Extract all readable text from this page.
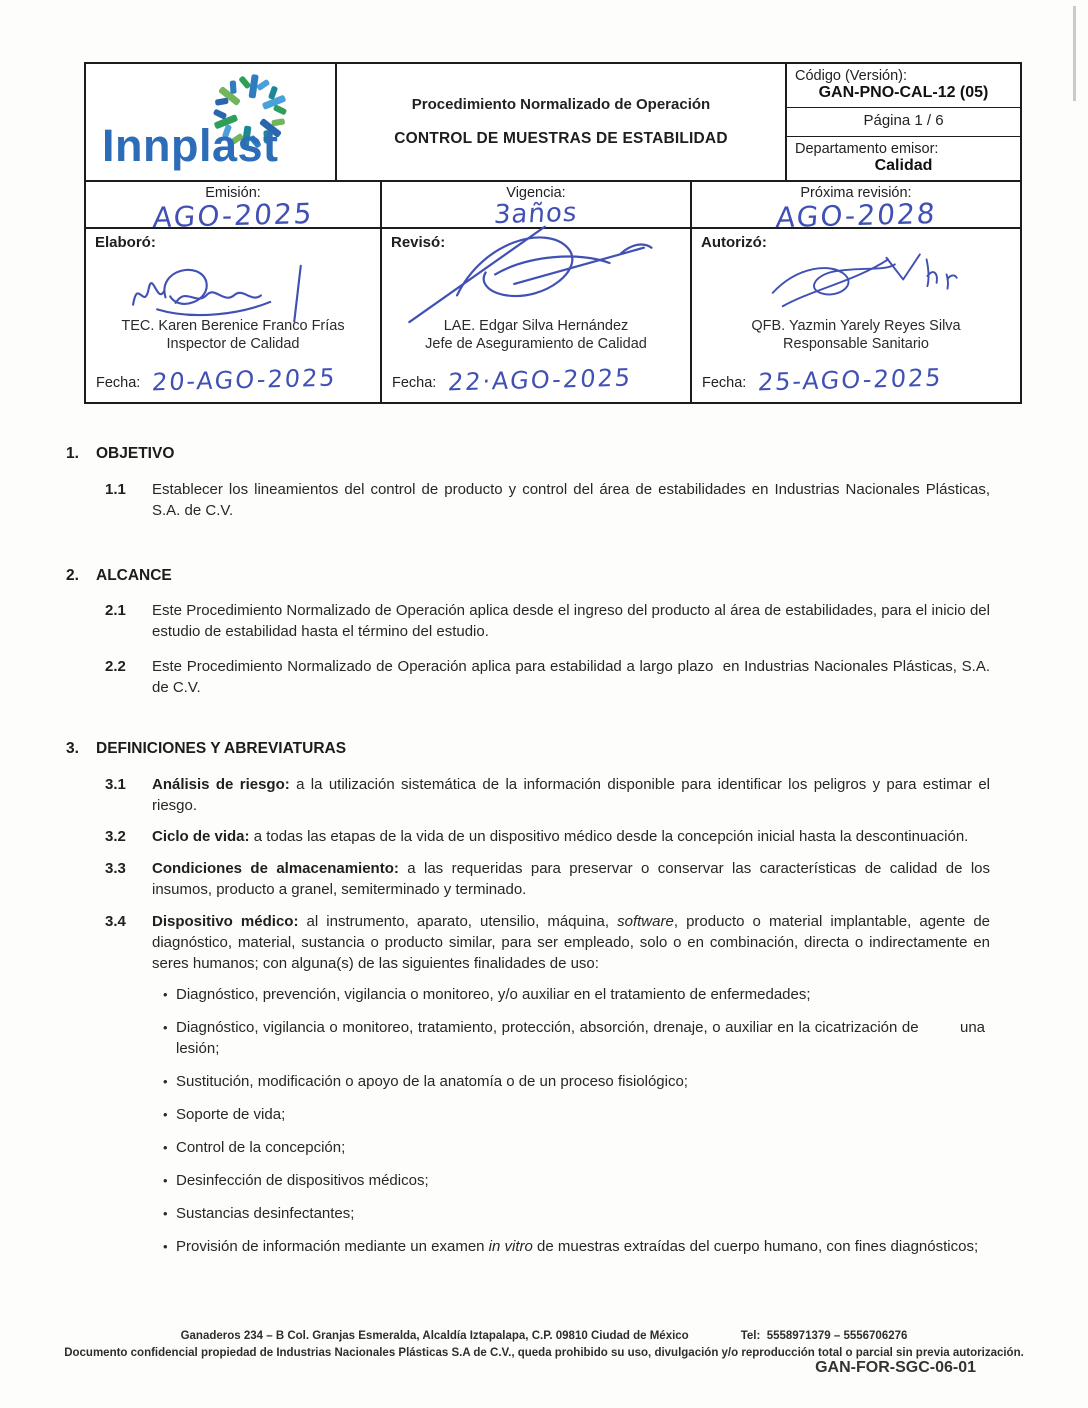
Innplast
Procedimiento Normalizado de Operación
CONTROL DE MUESTRAS DE ESTABILIDAD
Código (Versión):
GAN-PNO-CAL-12 (05)
Página 1 / 6
Departamento emisor:
Calidad
Emisión:
AGO-2025
Vigencia:
3años
Próxima revisión:
AGO-2028
Elaboró:
TEC. Karen Berenice Franco Frías
Inspector de Calidad
Fecha: 20-AGO-2025
Revisó:
LAE. Edgar Silva Hernández
Jefe de Aseguramiento de Calidad
Fecha: 22·AGO-2025
Autorizó:
QFB. Yazmin Yarely Reyes Silva
Responsable Sanitario
Fecha: 25-AGO-2025
1.	OBJETIVO
1.1	Establecer los lineamientos del control de producto y control del área de estabilidades en Industrias Nacionales Plásticas, S.A. de C.V.

2.	ALCANCE
2.1	Este Procedimiento Normalizado de Operación aplica desde el ingreso del producto al área de estabilidades, para el inicio del estudio de estabilidad hasta el término del estudio.

2.2	Este Procedimiento Normalizado de Operación aplica para estabilidad a largo plazo  en Industrias Nacionales Plásticas, S.A. de C.V.

3.	DEFINICIONES Y ABREVIATURAS
3.1	Análisis de riesgo: a la utilización sistemática de la información disponible para identificar los peligros y para estimar el riesgo.

3.2	Ciclo de vida: a todas las etapas de la vida de un dispositivo médico desde la concepción inicial hasta la descontinuación.

3.3	Condiciones de almacenamiento: a las requeridas para preservar o conservar las características de calidad de los insumos, producto a granel, semiterminado y terminado.

3.4	Dispositivo médico: al instrumento, aparato, utensilio, máquina, software, producto o material implantable, agente de diagnóstico, material, sustancia o producto similar, para ser empleado, solo o en combinación, directa o indirectamente en seres humanos; con alguna(s) de las siguientes finalidades de uso:

• Diagnóstico, prevención, vigilancia o monitoreo, y/o auxiliar en el tratamiento de enfermedades;
• Diagnóstico, vigilancia o monitoreo, tratamiento, protección, absorción, drenaje, o auxiliar en la cicatrización de         una lesión;
• Sustitución, modificación o apoyo de la anatomía o de un proceso fisiológico;
• Soporte de vida;
• Control de la concepción;
• Desinfección de dispositivos médicos;
• Sustancias desinfectantes;
• Provisión de información mediante un examen in vitro de muestras extraídas del cuerpo humano, con fines diagnósticos;
Ganaderos 234 – B Col. Granjas Esmeralda, Alcaldía Iztapalapa, C.P. 09810 Ciudad de México	Tel: 5558971379 – 5556706276
Documento confidencial propiedad de Industrias Nacionales Plásticas S.A de C.V., queda prohibido su uso, divulgación y/o reproducción total o parcial sin previa autorización.
GAN-FOR-SGC-06-01
